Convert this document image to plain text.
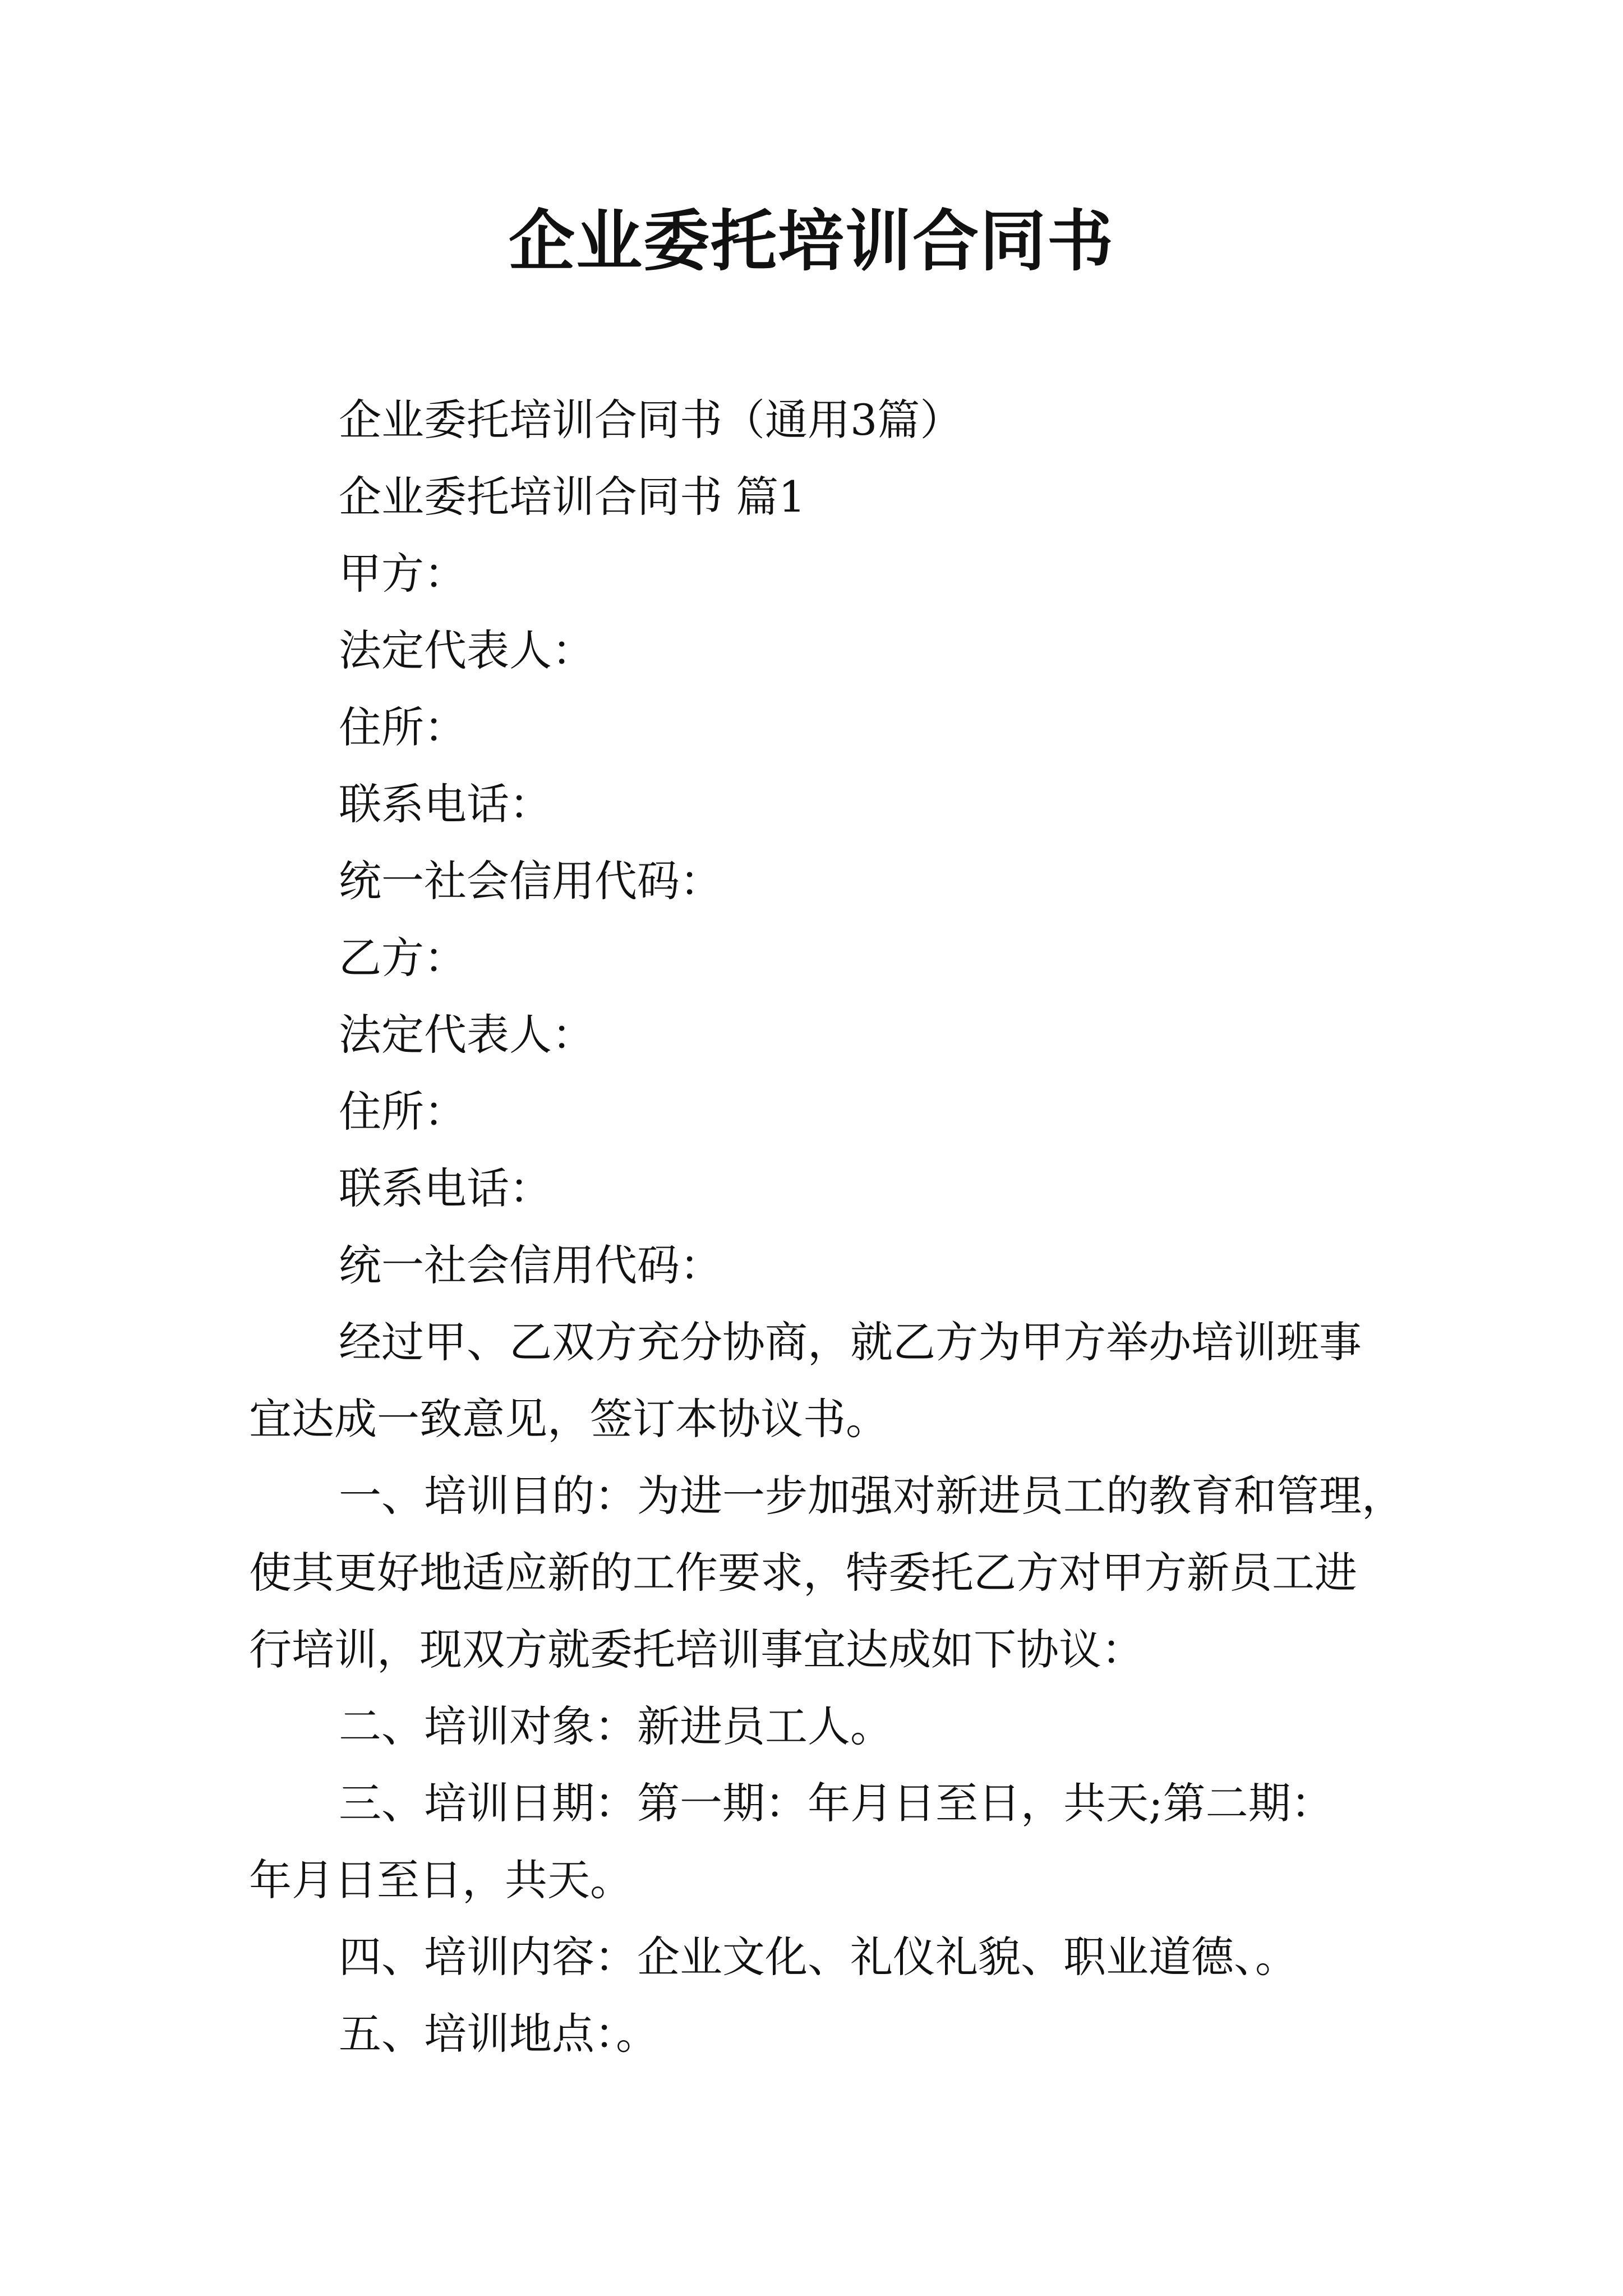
企业委托培训合同书

企业委托培训合同书（通用3篇）

企业委托培训合同书 篇1

甲方：

法定代表人：

住所：

联系电话：

统一社会信用代码：

乙方：

法定代表人：

住所：

联系电话：

统一社会信用代码：

经过甲、乙双方充分协商，就乙方为甲方举办培训班事
宜达成一致意见，签订本协议书。

一、培训目的：为进一步加强对新进员工的教育和管理，
使其更好地适应新的工作要求，特委托乙方对甲方新员工进
行培训，现双方就委托培训事宜达成如下协议：

二、培训对象：新进员工人。

三、培训日期：第一期：年月日至日，共天;第二期：
年月日至日，共天。

四、培训内容：企业文化、礼仪礼貌、职业道德、。

五、培训地点：。
